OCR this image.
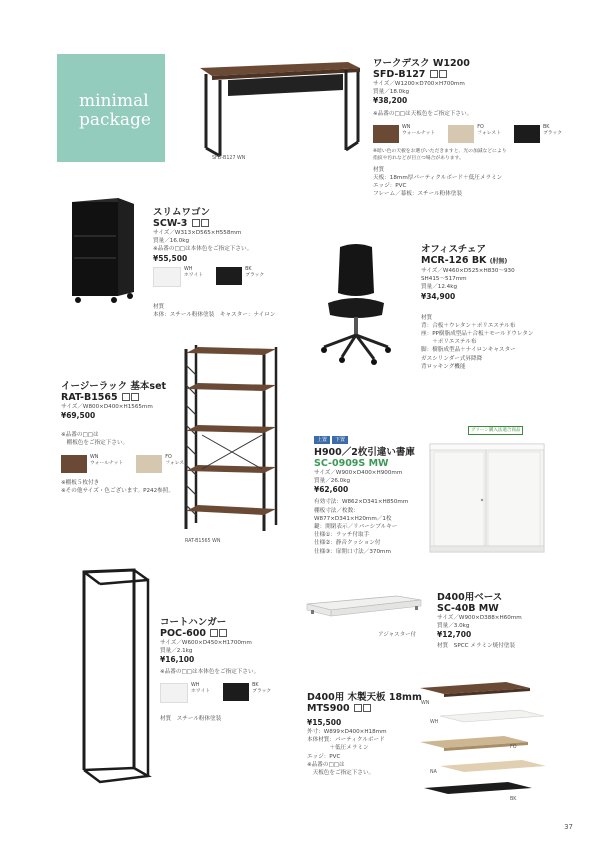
minimal
package
SFD-B127 WN
ワークデスク W1200
SFD-B127
サイズ／W1200×D700×H700mm
質量／18.0kg
¥38,200
※品番の□□は天板色をご指定下さい。
WN
ウォールナット FO
フォレスト BK
ブラック
※暗い色の天板をお選びいただきますと、光の加減などにより
指紋や汚れなどが目立つ場合があります。
材質
天板：18mm厚パーティクルボード＋低圧メラミン
エッジ：PVC
フレーム／幕板：スチール粉体塗装
スリムワゴン
SCW-3
サイズ／W313×D565×H558mm
質量／16.0kg
※品番の□□は本体色をご指定下さい。
¥55,500
WH
ホワイト BK
ブラック
材質
本体：スチール粉体塗装　キャスター：ナイロン
オフィスチェア
MCR-126 BK (肘無)
サイズ／W460×D525×H830～930
SH415～517mm
質量／12.4kg
¥34,900
材質
背：合板＋ウレタン＋ポリエステル布
座：PP樹脂成型品＋合板＋モールドウレタン
　　＋ポリエステル布
脚：樹脂成型品＋ナイロンキャスター
ガスシリンダー式昇降降
背ロッキング機能
RAT-B1565 WN
イージーラック 基本set
RAT-B1565
サイズ／W800×D400×H1565mm
¥69,500
※品番の□□は
　棚板色をご指定下さい。
WN
ウォールナット FO
フォレスト
※棚板５枚付き
※その他サイズ・色ございます。P242参照。
上置 下置
H900／2枚引違い書庫
SC-0909S MW
サイズ／W900×D400×H900mm
質量／26.0kg
¥62,600
有効寸法：W862×D341×H850mm
棚板寸法／枚数：
W877×D341×H20mm／1枚
鍵：開閉表示／リバーシブルキー
仕様①：ラッチ付取手
仕様②：静音クッション付
仕様③：扉開口寸法／370mm
グリーン購入法適合商品
アジャスター付
D400用ベース
SC-40B MW
サイズ／W900×D388×H60mm
質量／3.0kg
¥12,700
材質　SPCC メラミン焼付塗装
コートハンガー
POC-600
サイズ／W600×D450×H1700mm
質量／2.1kg
¥16,100
※品番の□□は本体色をご指定下さい。
WH
ホワイト BK
ブラック
材質　スチール粉体塗装
D400用 木製天板 18mm
MTS900
¥15,500
外寸：W899×D400×H18mm
本体材質：パーティクルボード
　　　　＋低圧メラミン
エッジ：PVC
※品番の□□は
　天板色をご指定下さい。
WN
WH
FO
NA
BK
37
